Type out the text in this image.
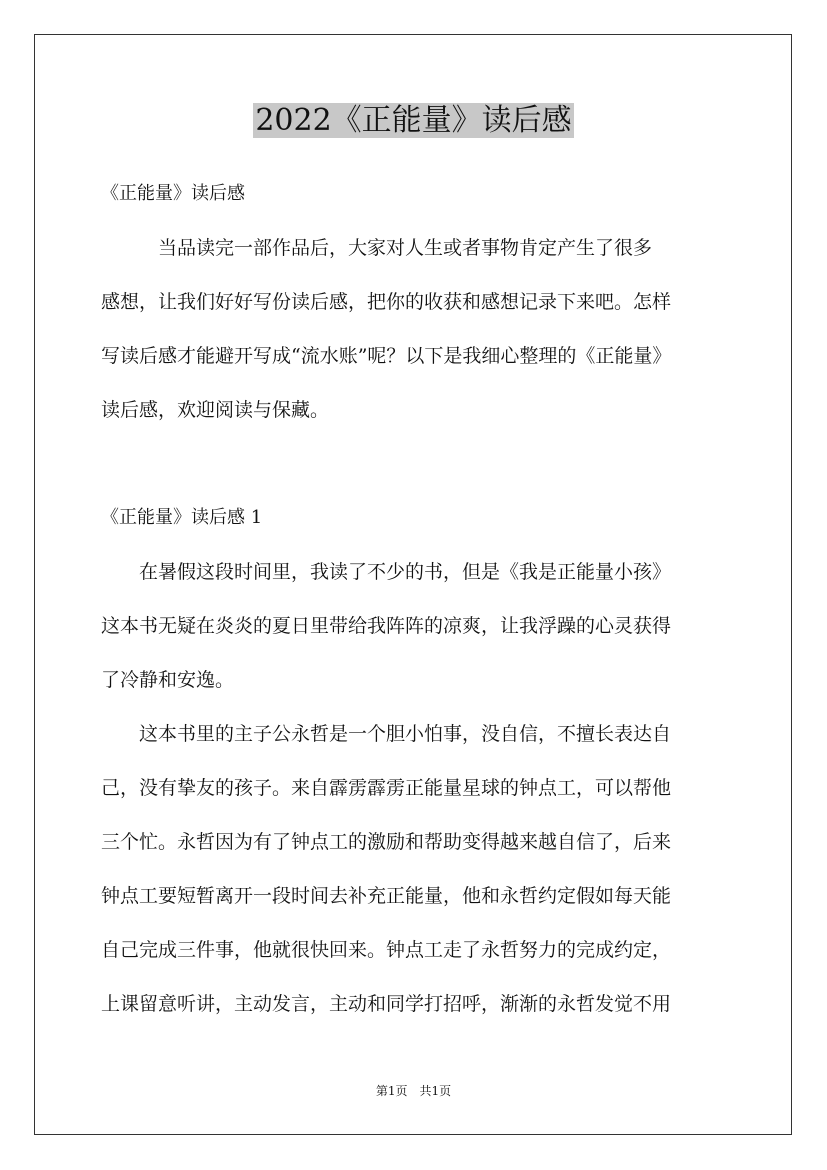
2022《正能量》读后感

《正能量》读后感

　　　当品读完一部作品后，大家对人生或者事物肯定产生了很多

感想，让我们好好写份读后感，把你的收获和感想记录下来吧。怎样

写读后感才能避开写成“流水账”呢？以下是我细心整理的《正能量》

读后感，欢迎阅读与保藏。

《正能量》读后感 1

　　在暑假这段时间里，我读了不少的书，但是《我是正能量小孩》

这本书无疑在炎炎的夏日里带给我阵阵的凉爽，让我浮躁的心灵获得

了冷静和安逸。

　　这本书里的主子公永哲是一个胆小怕事，没自信，不擅长表达自

己，没有挚友的孩子。来自霹雳霹雳正能量星球的钟点工，可以帮他

三个忙。永哲因为有了钟点工的激励和帮助变得越来越自信了，后来

钟点工要短暂离开一段时间去补充正能量，他和永哲约定假如每天能

自己完成三件事，他就很快回来。钟点工走了永哲努力的完成约定，

上课留意听讲，主动发言，主动和同学打招呼，渐渐的永哲发觉不用

第1页　共1页
